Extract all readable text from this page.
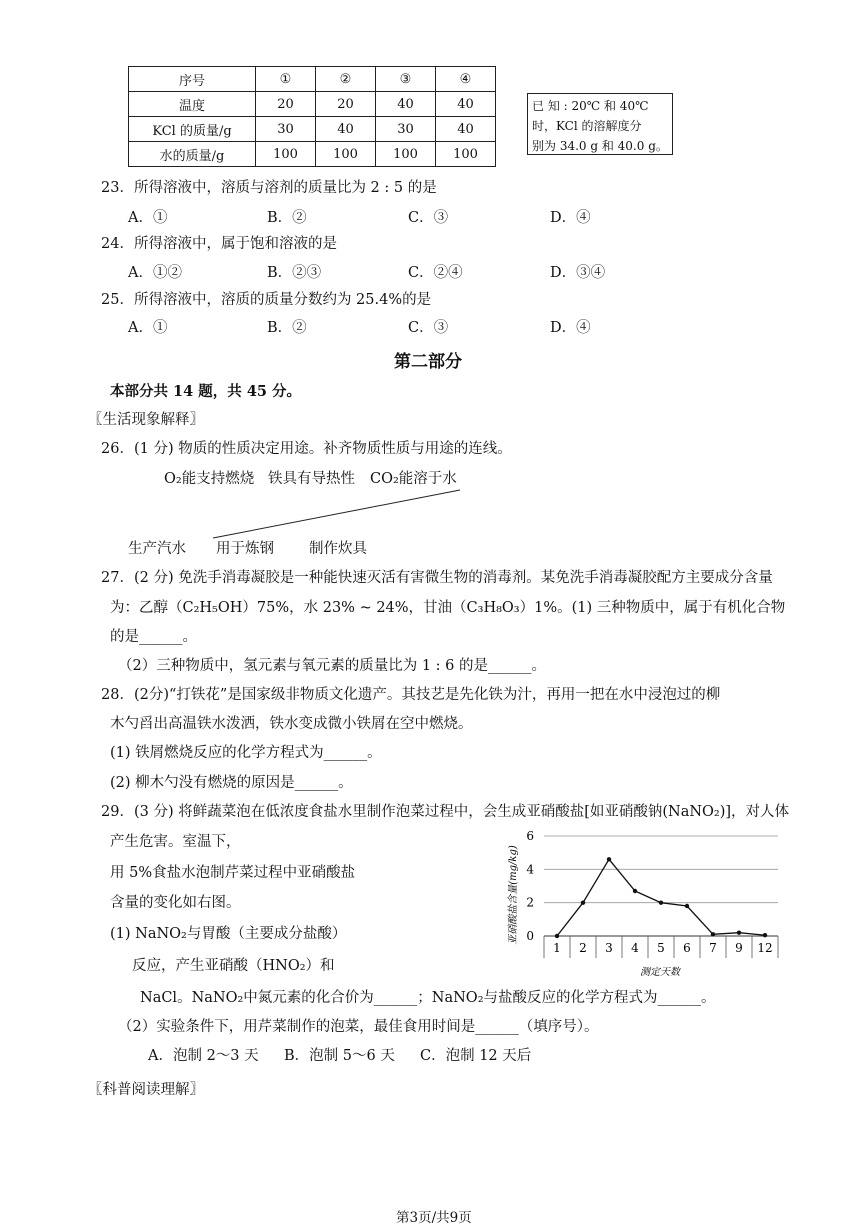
序号	①	②	③	④
温度	20	20	40	40
KCl 的质量/g	30	40	30	40
水的质量/g	100	100	100	100
已 知 : 20℃ 和 40℃
时，KCl 的溶解度分
别为 34.0 g 和 40.0 g。
23．所得溶液中，溶质与溶剂的质量比为 2 : 5 的是
A．①	B．②	C．③	D．④
24．所得溶液中，属于饱和溶液的是
A．①②	B．②③	C．②④	D．③④
25．所得溶液中，溶质的质量分数约为 25.4%的是
A．①	B．②	C．③	D．④
第二部分
本部分共 14 题，共 45 分。
〖生活现象解释〗
26．(1 分) 物质的性质决定用途。补齐物质性质与用途的连线。
O₂能支持燃烧 铁具有导热性 CO₂能溶于水
生产汽水 用于炼钢 制作炊具
27．(2 分) 免洗手消毒凝胶是一种能快速灭活有害微生物的消毒剂。某免洗手消毒凝胶配方主要成分含量
为：乙醇（C₂H₅OH）75%，水 23% ~ 24%，甘油（C₃H₈O₃）1%。(1) 三种物质中，属于有机化合物
的是______。
（2）三种物质中，氢元素与氧元素的质量比为 1 : 6 的是______。
28．(2分)“打铁花”是国家级非物质文化遗产。其技艺是先化铁为汁，再用一把在水中浸泡过的柳
木勺舀出高温铁水泼洒，铁水变成微小铁屑在空中燃烧。
(1) 铁屑燃烧反应的化学方程式为______。
(2) 柳木勺没有燃烧的原因是______。
29．(3 分) 将鲜蔬菜泡在低浓度食盐水里制作泡菜过程中，会生成亚硝酸盐[如亚硝酸钠(NaNO₂)]，对人体
产生危害。室温下，
用 5%食盐水泡制芹菜过程中亚硝酸盐
含量的变化如右图。
(1) NaNO₂与胃酸（主要成分盐酸）
反应，产生亚硝酸（HNO₂）和
NaCl。NaNO₂中氮元素的化合价为______；NaNO₂与盐酸反应的化学方程式为______。
（2）实验条件下，用芹菜制作的泡菜，最佳食用时间是______（填序号）。
A．泡制 2～3 天 B．泡制 5～6 天 C．泡制 12 天后
亚硝酸盐含量(mg/kg) 0
2
4
6
1 2 3 4 5 6 7 9 12
测定天数
〖科普阅读理解〗
第3页/共9页
